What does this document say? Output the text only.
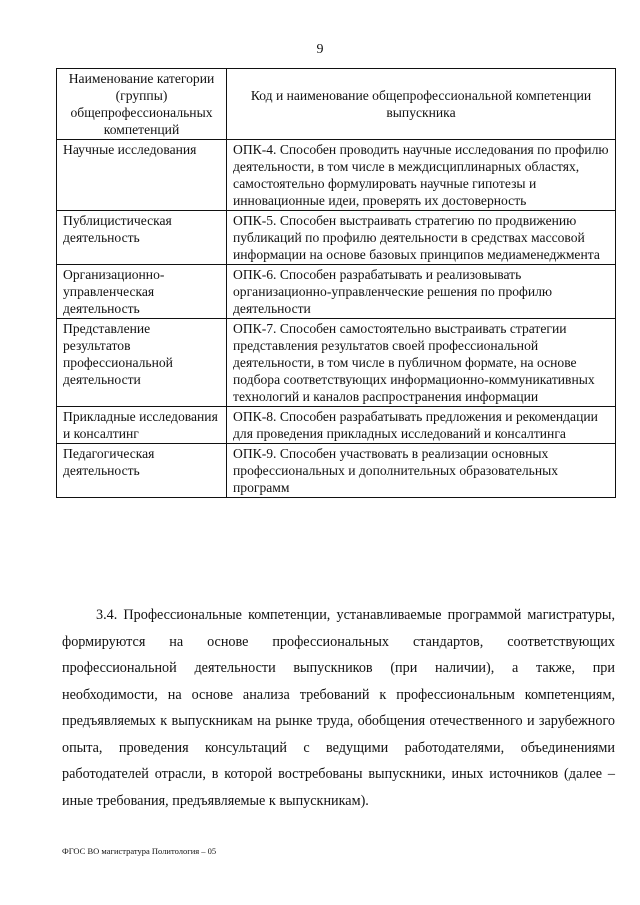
9
Наименование категории (группы) общепрофессиональных компетенций	Код и наименование общепрофессиональной компетенции выпускника
Научные исследования	ОПК-4. Способен проводить научные исследования по профилю деятельности, в том числе в междисциплинарных областях, самостоятельно формулировать научные гипотезы и инновационные идеи, проверять их достоверность
Публицистическая деятельность	ОПК-5. Способен выстраивать стратегию по продвижению публикаций по профилю деятельности в средствах массовой информации на основе базовых принципов медиаменеджмента
Организационно-управленческая деятельность	ОПК-6. Способен разрабатывать и реализовывать организационно-управленческие решения по профилю деятельности
Представление результатов профессиональной деятельности	ОПК-7. Способен самостоятельно выстраивать стратегии представления результатов своей профессиональной деятельности, в том числе в публичном формате, на основе подбора соответствующих информационно-коммуникативных технологий и каналов распространения информации
Прикладные исследования и консалтинг	ОПК-8. Способен разрабатывать предложения и рекомендации для проведения прикладных исследований и консалтинга
Педагогическая деятельность	ОПК-9. Способен участвовать в реализации основных профессиональных и дополнительных образовательных программ

3.4. Профессиональные компетенции, устанавливаемые программой магистратуры, формируются на основе профессиональных стандартов, соответствующих профессиональной деятельности выпускников (при наличии), а также, при необходимости, на основе анализа требований к профессиональным компетенциям, предъявляемых к выпускникам на рынке труда, обобщения отечественного и зарубежного опыта, проведения консультаций с ведущими работодателями, объединениями работодателей отрасли, в которой востребованы выпускники, иных источников (далее – иные требования, предъявляемые к выпускникам).

ФГОС ВО магистратура Политология – 05
